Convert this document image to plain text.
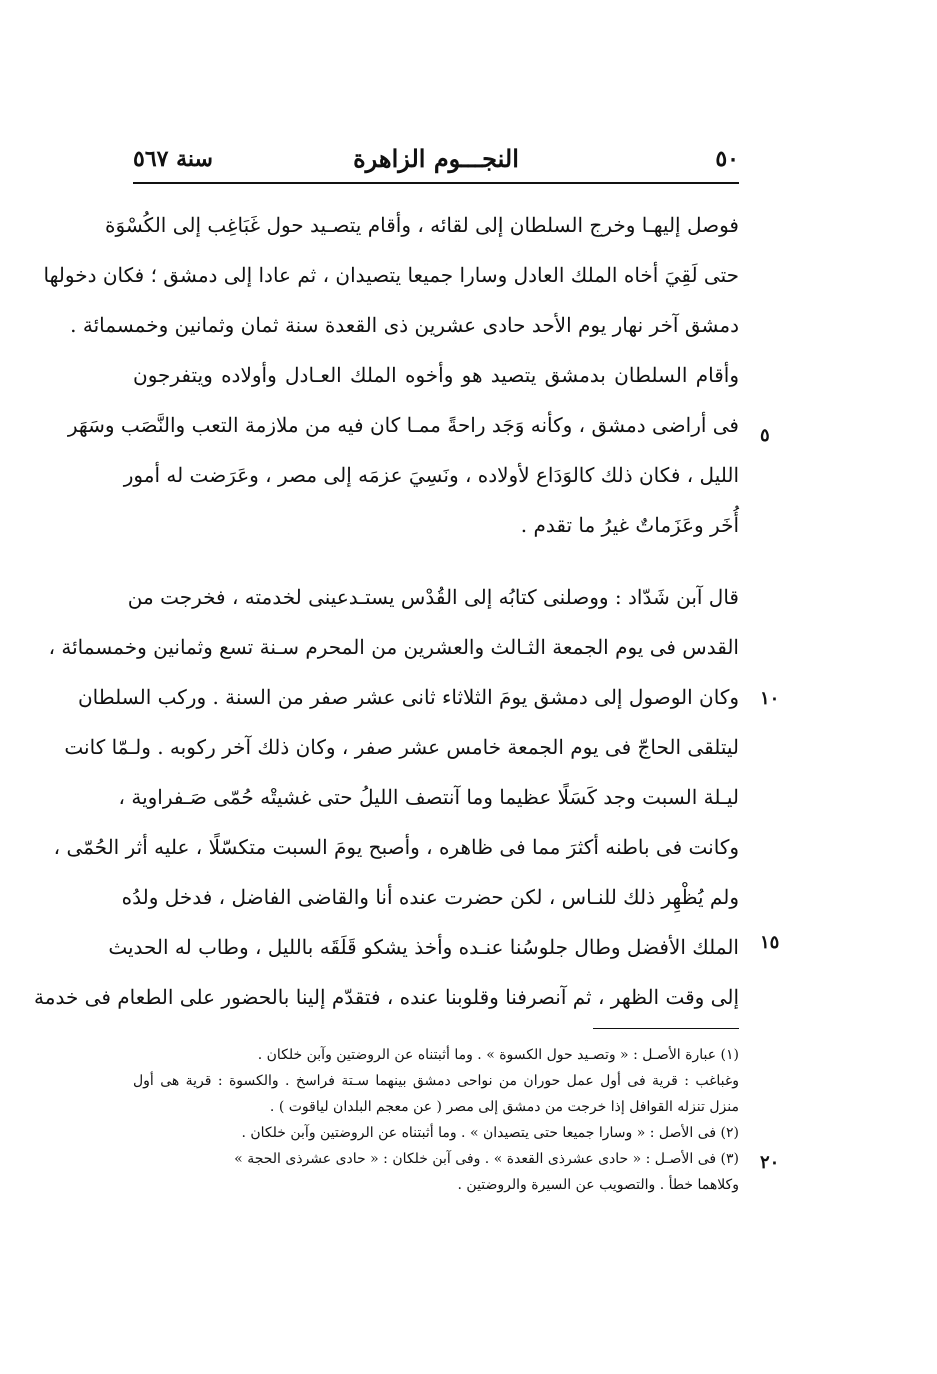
٥٠
النجـــوم الزاهرة
سنة ٥٦٧
فوصل إليهـا وخرج السلطان إلى لقائه ، وأقام يتصـيد حول غَبَاغِب إلى الكُسْوَة
حتى لَقِيَ أخاه الملك العادل وسارا جميعا يتصيدان ، ثم عادا إلى دمشق ؛ فكان دخولها
دمشق آخر نهار يوم الأحد حادى عشرين ذى القعدة سنة ثمان وثمانين وخمسمائة .
وأقام السلطان بدمشق يتصيد هو وأخوه الملك العـادل وأولاده ويتفرجون
فى أراضى دمشق ، وكأنه وَجَد راحةً ممـا كان فيه من ملازمة التعب والنَّصَب وسَهَر
الليل ، فكان ذلك كالوَدَاع لأولاده ، ونَسِيَ عزمَه إلى مصر ، وعَرَضت له أمور
أُخَر وعَزَماتٌ غيرُ ما تقدم .
قال آبن شَدّاد : ووصلنى كتابُه إلى القُدْس يستـدعينى لخدمته ، فخرجت من
القدس فى يوم الجمعة الثـالث والعشرين من المحرم سـنة تسع وثمانين وخمسمائة ،
وكان الوصول إلى دمشق يومَ الثلاثاء ثانى عشر صفر من السنة . وركب السلطان
ليتلقى الحاجّ فى يوم الجمعة خامس عشر صفر ، وكان ذلك آخر ركوبه . ولـمّا كانت
ليـلة السبت وجد كَسَلًا عظيما وما آنتصف الليلُ حتى غشيتْه حُمّى صَـفراوية ،
وكانت فى باطنه أكثرَ مما فى ظاهره ، وأصبح يومَ السبت متكسّلًا ، عليه أثر الحُمّى ،
ولم يُظْهِر ذلك للنـاس ، لكن حضرت عنده أنا والقاضى الفاضل ، فدخل ولدُه
الملك الأفضل وطال جلوسُنا عنـده وأخذ يشكو قَلَقَه بالليل ، وطاب له الحديث
إلى وقت الظهر ، ثم آنصرفنا وقلوبنا عنده ، فتقدّم إلينا بالحضور على الطعام فى خدمة
٥
١٠
١٥
٢٠
(١) عبارة الأصـل : « وتصـيد حول الكسوة » . وما أثبتناه عن الروضتين وآبن خلكان .
وغباغب : قرية فى أول عمل حوران من نواحى دمشق بينهما سـتة فراسخ . والكسوة : قرية هى أول
منزل تنزله القوافل إذا خرجت من دمشق إلى مصر ( عن معجم البلدان لياقوت ) .
(٢) فى الأصل : « وسارا جميعا حتى يتصيدان » . وما أثبتناه عن الروضتين وآبن خلكان .
(٣) فى الأصـل : « حادى عشرذى القعدة » . وفى آبن خلكان : « حادى عشرذى الحجة »
وكلاهما خطأ . والتصويب عن السيرة والروضتين .
